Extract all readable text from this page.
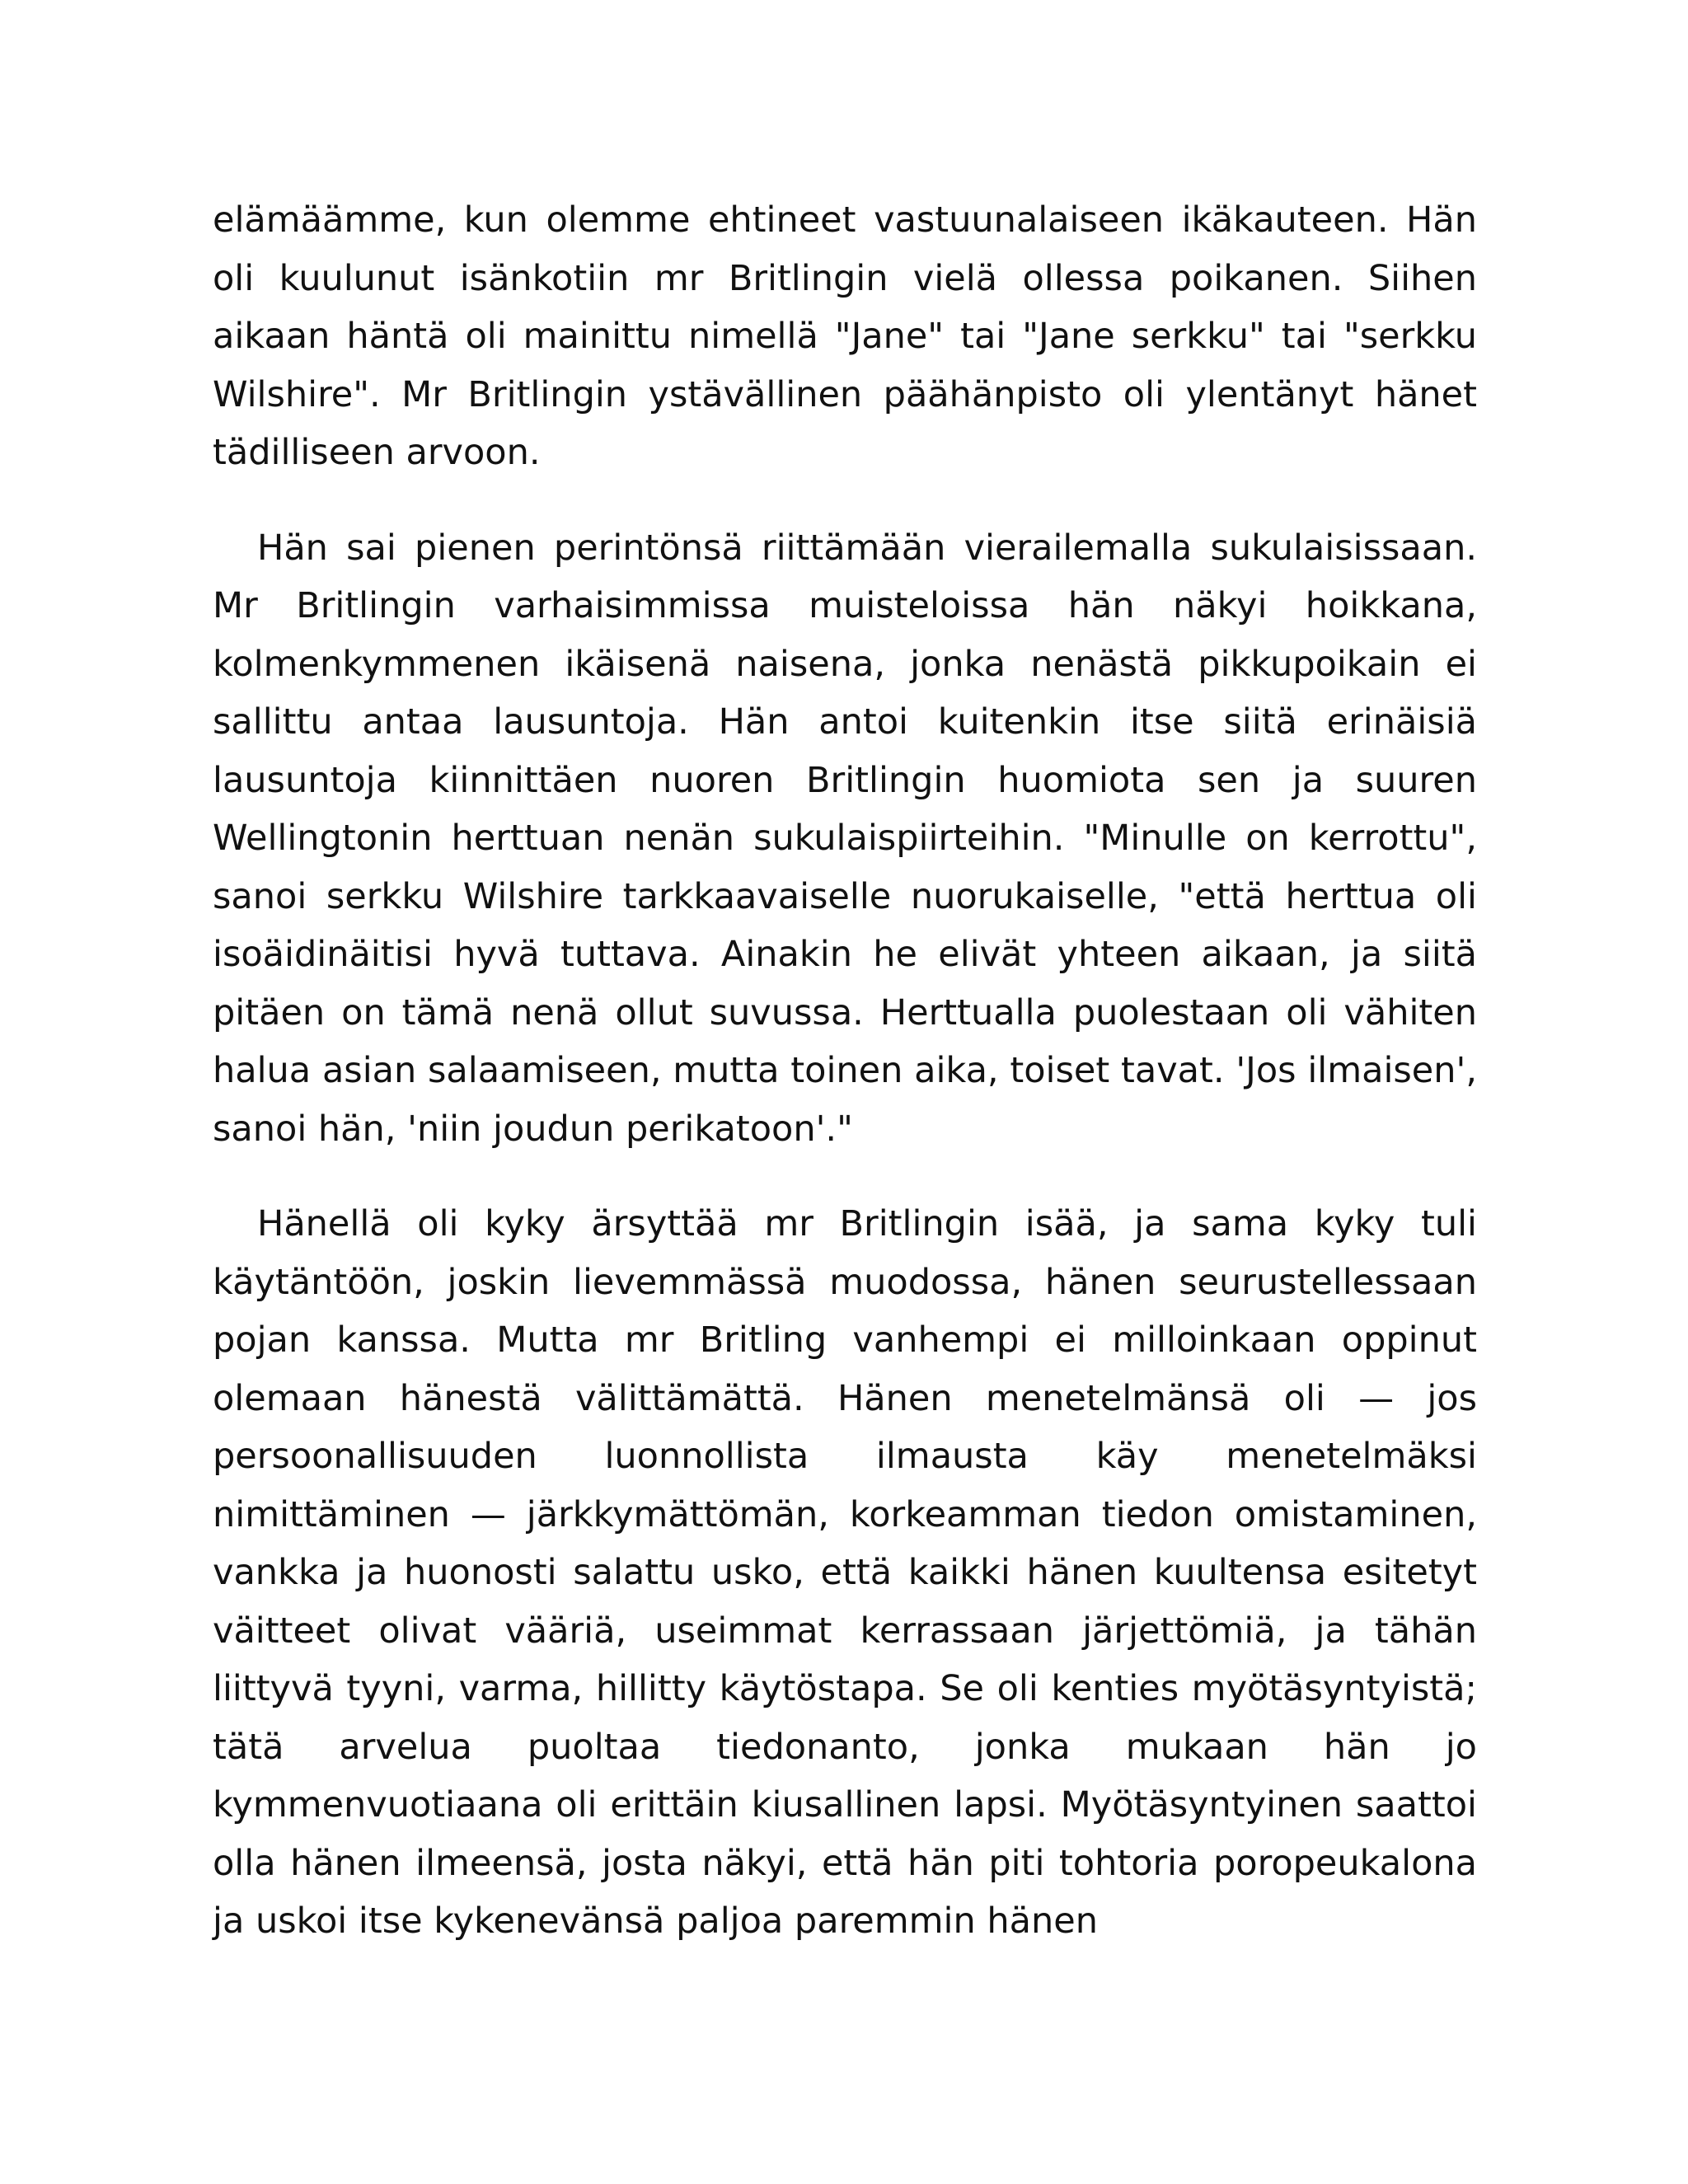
elämäämme, kun olemme ehtineet vastuunalaiseen ikäkauteen. Hän oli kuulunut isänkotiin mr Britlingin vielä ollessa poikanen. Siihen aikaan häntä oli mainittu nimellä "Jane" tai "Jane serkku" tai "serkku Wilshire". Mr Britlingin ystävällinen päähänpisto oli ylentänyt hänet tädilliseen arvoon.

Hän sai pienen perintönsä riittämään vierailemalla sukulaisissaan. Mr Britlingin varhaisimmissa muisteloissa hän näkyi hoikkana, kolmenkymmenen ikäisenä naisena, jonka nenästä pikkupoikain ei sallittu antaa lausuntoja. Hän antoi kuitenkin itse siitä erinäisiä lausuntoja kiinnittäen nuoren Britlingin huomiota sen ja suuren Wellingtonin herttuan nenän sukulaispiirteihin. "Minulle on kerrottu", sanoi serkku Wilshire tarkkaavaiselle nuorukaiselle, "että herttua oli isoäidinäitisi hyvä tuttava. Ainakin he elivät yhteen aikaan, ja siitä pitäen on tämä nenä ollut suvussa. Herttualla puolestaan oli vähiten halua asian salaamiseen, mutta toinen aika, toiset tavat. 'Jos ilmaisen', sanoi hän, 'niin joudun perikatoon'."

Hänellä oli kyky ärsyttää mr Britlingin isää, ja sama kyky tuli käytäntöön, joskin lievemmässä muodossa, hänen seurustellessaan pojan kanssa. Mutta mr Britling vanhempi ei milloinkaan oppinut olemaan hänestä välittämättä. Hänen menetelmänsä oli — jos persoonallisuuden luonnollista ilmausta käy menetelmäksi nimittäminen — järkkymättömän, korkeamman tiedon omistaminen, vankka ja huonosti salattu usko, että kaikki hänen kuultensa esitetyt väitteet olivat vääriä, useimmat kerrassaan järjettömiä, ja tähän liittyvä tyyni, varma, hillitty käytöstapa. Se oli kenties myötäsyntyistä; tätä arvelua puoltaa tiedonanto, jonka mukaan hän jo kymmenvuotiaana oli erittäin kiusallinen lapsi. Myötäsyntyinen saattoi olla hänen ilmeensä, josta näkyi, että hän piti tohtoria poropeukalona ja uskoi itse kykenevänsä paljoa paremmin hänen
